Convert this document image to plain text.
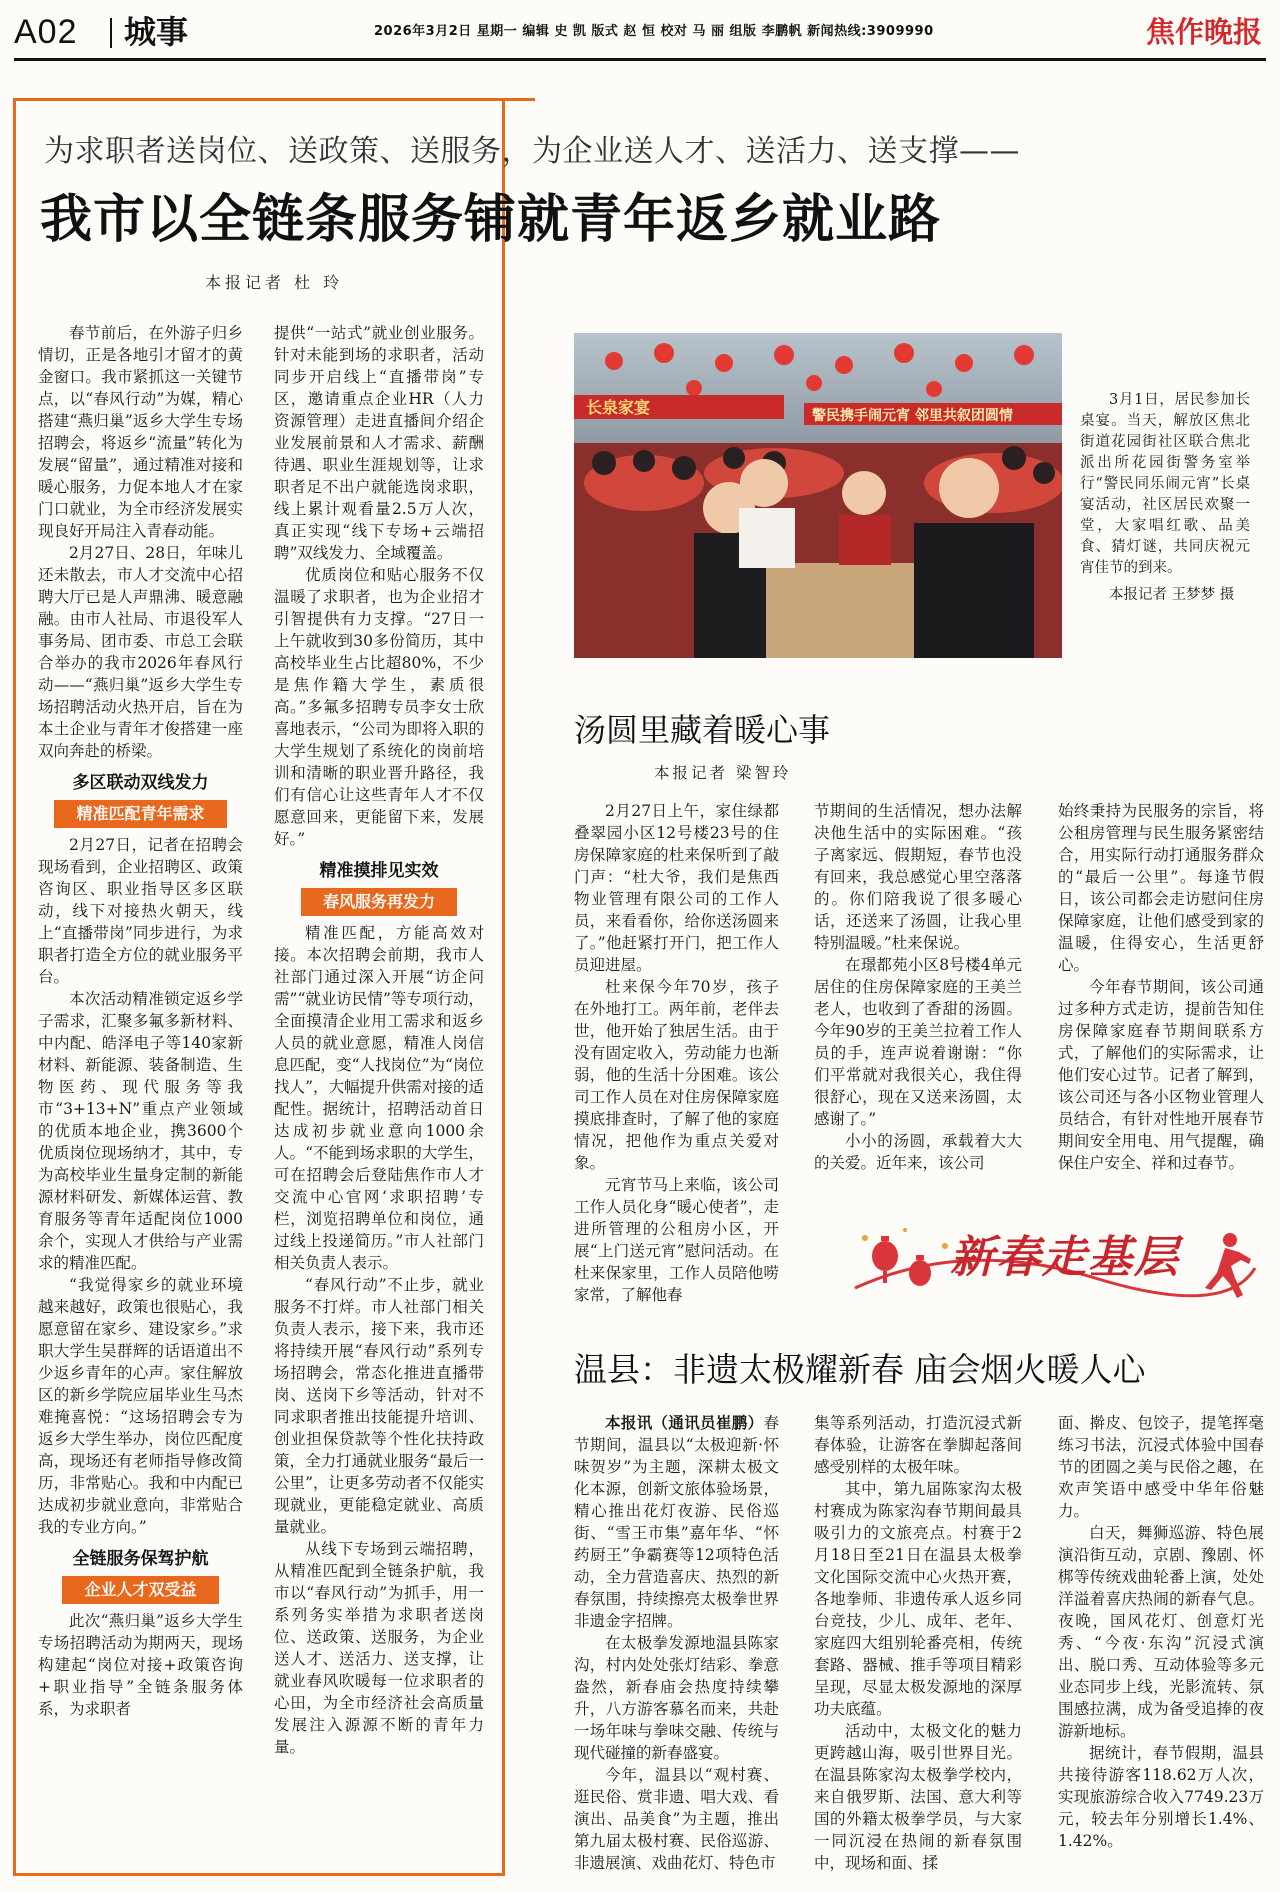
A02 城事	2026年3月2日 星期一 编辑 史 凯 版式 赵 恒 校对 马 丽 组版 李鹏帆 新闻热线:3909990	焦作晚报
为求职者送岗位、送政策、送服务，为企业送人才、送活力、送支撑——
我市以全链条服务铺就青年返乡就业路
本报记者 杜 玲

春节前后，在外游子归乡情切，正是各地引才留才的黄金窗口。我市紧抓这一关键节点，以“春风行动”为媒，精心搭建“燕归巢”返乡大学生专场招聘会，将返乡“流量”转化为发展“留量”，通过精准对接和暖心服务，力促本地人才在家门口就业，为全市经济发展实现良好开局注入青春动能。

2月27日、28日，年味儿还未散去，市人才交流中心招聘大厅已是人声鼎沸、暖意融融。由市人社局、市退役军人事务局、团市委、市总工会联合举办的我市2026年春风行动——“燕归巢”返乡大学生专场招聘活动火热开启，旨在为本土企业与青年才俊搭建一座双向奔赴的桥梁。

多区联动双线发力
精准匹配青年需求

2月27日，记者在招聘会现场看到，企业招聘区、政策咨询区、职业指导区多区联动，线下对接热火朝天，线上“直播带岗”同步进行，为求职者打造全方位的就业服务平台。

本次活动精准锁定返乡学子需求，汇聚多氟多新材料、中内配、皓泽电子等140家新材料、新能源、装备制造、生物医药、现代服务等我市“3+13+N”重点产业领域的优质本地企业，携3600个优质岗位现场纳才，其中，专为高校毕业生量身定制的新能源材料研发、新媒体运营、教育服务等青年适配岗位1000余个，实现人才供给与产业需求的精准匹配。

“我觉得家乡的就业环境越来越好，政策也很贴心，我愿意留在家乡、建设家乡。”求职大学生吴群辉的话语道出不少返乡青年的心声。家住解放区的新乡学院应届毕业生马杰难掩喜悦：“这场招聘会专为返乡大学生举办，岗位匹配度高，现场还有老师指导修改简历，非常贴心。我和中内配已达成初步就业意向，非常贴合我的专业方向。”

全链服务保驾护航
企业人才双受益

此次“燕归巢”返乡大学生专场招聘活动为期两天，现场构建起“岗位对接+政策咨询+职业指导”全链条服务体系，为求职者

提供“一站式”就业创业服务。针对未能到场的求职者，活动同步开启线上“直播带岗”专区，邀请重点企业HR（人力资源管理）走进直播间介绍企业发展前景和人才需求、薪酬待遇、职业生涯规划等，让求职者足不出户就能选岗求职，线上累计观看量2.5万人次，真正实现“线下专场+云端招聘”双线发力、全域覆盖。

优质岗位和贴心服务不仅温暖了求职者，也为企业招才引智提供有力支撑。“27日一上午就收到30多份简历，其中高校毕业生占比超80%，不少是焦作籍大学生，素质很高。”多氟多招聘专员李女士欣喜地表示，“公司为即将入职的大学生规划了系统化的岗前培训和清晰的职业晋升路径，我们有信心让这些青年人才不仅愿意回来，更能留下来，发展好。”

精准摸排见实效
春风服务再发力

精准匹配，方能高效对接。本次招聘会前期，我市人社部门通过深入开展“访企问需”“就业访民情”等专项行动，全面摸清企业用工需求和返乡人员的就业意愿，精准人岗信息匹配，变“人找岗位”为“岗位找人”，大幅提升供需对接的适配性。据统计，招聘活动首日达成初步就业意向1000余人。“不能到场求职的大学生，可在招聘会后登陆焦作市人才交流中心官网‘求职招聘’专栏，浏览招聘单位和岗位，通过线上投递简历。”市人社部门相关负责人表示。

“春风行动”不止步，就业服务不打烊。市人社部门相关负责人表示，接下来，我市还将持续开展“春风行动”系列专场招聘会，常态化推进直播带岗、送岗下乡等活动，针对不同求职者推出技能提升培训、创业担保贷款等个性化扶持政策，全力打通就业服务“最后一公里”，让更多劳动者不仅能实现就业，更能稳定就业、高质量就业。

从线下专场到云端招聘，从精准匹配到全链条护航，我市以“春风行动”为抓手，用一系列务实举措为求职者送岗位、送政策、送服务，为企业送人才、送活力、送支撑，让就业春风吹暖每一位求职者的心田，为全市经济社会高质量发展注入源源不断的青年力量。

长泉家宴	警民携手闹元宵 邻里共叙团圆情

3月1日，居民参加长桌宴。当天，解放区焦北街道花园街社区联合焦北派出所花园街警务室举行“警民同乐闹元宵”长桌宴活动，社区居民欢聚一堂，大家唱红歌、品美食、猜灯谜，共同庆祝元宵佳节的到来。

本报记者 王梦梦 摄

汤圆里藏着暖心事
本报记者 梁智玲

2月27日上午，家住绿都叠翠园小区12号楼23号的住房保障家庭的杜来保听到了敲门声：“杜大爷，我们是焦西物业管理有限公司的工作人员，来看看你，给你送汤圆来了。”他赶紧打开门，把工作人员迎进屋。

杜来保今年70岁，孩子在外地打工。两年前，老伴去世，他开始了独居生活。由于没有固定收入，劳动能力也渐弱，他的生活十分困难。该公司工作人员在对住房保障家庭摸底排查时，了解了他的家庭情况，把他作为重点关爱对象。

元宵节马上来临，该公司工作人员化身“暖心使者”，走进所管理的公租房小区，开展“上门送元宵”慰问活动。在杜来保家里，工作人员陪他唠家常，了解他春

节期间的生活情况，想办法解决他生活中的实际困难。“孩子离家远、假期短，春节也没有回来，我总感觉心里空落落的。你们陪我说了很多暖心话，还送来了汤圆，让我心里特别温暖。”杜来保说。

在璟都苑小区8号楼4单元居住的住房保障家庭的王美兰老人，也收到了香甜的汤圆。今年90岁的王美兰拉着工作人员的手，连声说着谢谢：“你们平常就对我很关心，我住得很舒心，现在又送来汤圆，太感谢了。”

小小的汤圆，承载着大大的关爱。近年来，该公司

始终秉持为民服务的宗旨，将公租房管理与民生服务紧密结合，用实际行动打通服务群众的“最后一公里”。每逢节假日，该公司都会走访慰问住房保障家庭，让他们感受到家的温暖，住得安心，生活更舒心。

今年春节期间，该公司通过多种方式走访，提前告知住房保障家庭春节期间联系方式，了解他们的实际需求，让他们安心过节。记者了解到，该公司还与各小区物业管理人员结合，有针对性地开展春节期间安全用电、用气提醒，确保住户安全、祥和过春节。

新春走基层
温县：非遗太极耀新春 庙会烟火暖人心

本报讯（通讯员崔鹏）春节期间，温县以“太极迎新·怀味贺岁”为主题，深耕太极文化本源，创新文旅体验场景，精心推出花灯夜游、民俗巡街、“雪王市集”嘉年华、“怀药厨王”争霸赛等12项特色活动，全力营造喜庆、热烈的新春氛围，持续擦亮太极拳世界非遗金字招牌。

在太极拳发源地温县陈家沟，村内处处张灯结彩、拳意盎然，新春庙会热度持续攀升，八方游客慕名而来，共赴一场年味与拳味交融、传统与现代碰撞的新春盛宴。

今年，温县以“观村赛、逛民俗、赏非遗、唱大戏、看演出、品美食”为主题，推出第九届太极村赛、民俗巡游、非遗展演、戏曲花灯、特色市

集等系列活动，打造沉浸式新春体验，让游客在拳脚起落间感受别样的太极年味。

其中，第九届陈家沟太极村赛成为陈家沟春节期间最具吸引力的文旅亮点。村赛于2月18日至21日在温县太极拳文化国际交流中心火热开赛，各地拳师、非遗传承人返乡同台竞技，少儿、成年、老年、家庭四大组别轮番亮相，传统套路、器械、推手等项目精彩呈现，尽显太极发源地的深厚功夫底蕴。

活动中，太极文化的魅力更跨越山海，吸引世界目光。在温县陈家沟太极拳学校内，来自俄罗斯、法国、意大利等国的外籍太极拳学员，与大家一同沉浸在热闹的新春氛围中，现场和面、揉

面、擀皮、包饺子，提笔挥毫练习书法，沉浸式体验中国春节的团圆之美与民俗之趣，在欢声笑语中感受中华年俗魅力。

白天，舞狮巡游、特色展演沿街互动，京剧、豫剧、怀梆等传统戏曲轮番上演，处处洋溢着喜庆热闹的新春气息。夜晚，国风花灯、创意灯光秀、“今夜·东沟”沉浸式演出、脱口秀、互动体验等多元业态同步上线，光影流转、氛围感拉满，成为备受追捧的夜游新地标。

据统计，春节假期，温县共接待游客118.62万人次，实现旅游综合收入7749.23万元，较去年分别增长1.4%、1.42%。
